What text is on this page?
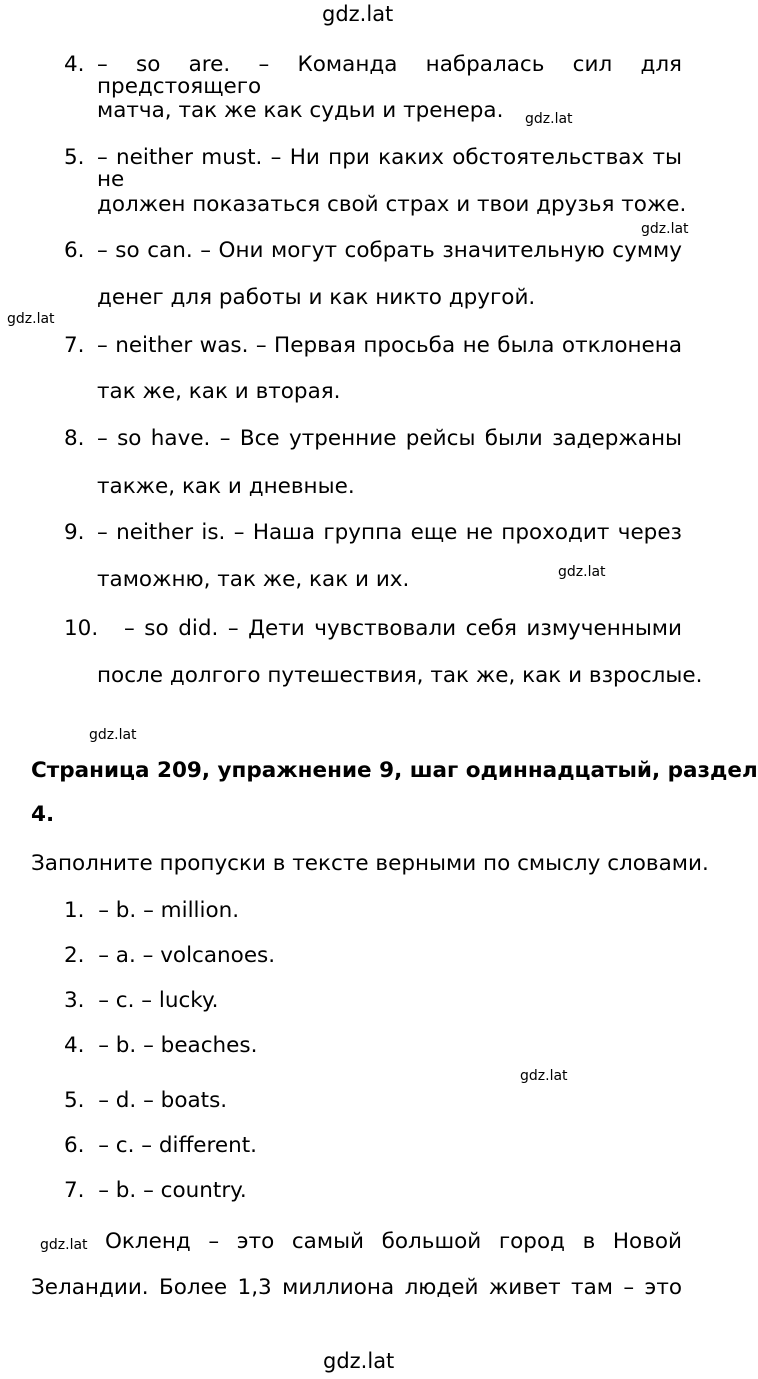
gdz.lat
gdz.lat
gdz.lat
gdz.lat
gdz.lat
gdz.lat
gdz.lat
gdz.lat
gdz.lat
4. – so are. – Команда набралась сил для предстоящего
матча, так же как судьи и тренера.
5. – neither must. – Ни при каких обстоятельствах ты не
должен показаться свой страх и твои друзья тоже.
6. – so can. – Они могут собрать значительную сумму
денег для работы и как никто другой.
7. – neither was. – Первая просьба не была отклонена
так же, как и вторая.
8. – so have. – Все утренние рейсы были задержаны
также, как и дневные.
9. – neither is. – Наша группа еще не проходит через
таможню, так же, как и их.
10. – so did. – Дети чувствовали себя измученными
после долгого путешествия, так же, как и взрослые.
Страница 209, упражнение 9, шаг одиннадцатый, раздел
4.
Заполните пропуски в тексте верными по смыслу словами.
1. – b. – million.
2. – a. – volcanoes.
3. – c. – lucky.
4. – b. – beaches.
5. – d. – boats.
6. – c. – different.
7. – b. – country.
Окленд – это самый большой город в Новой
Зеландии. Более 1,3 миллиона людей живет там – это
